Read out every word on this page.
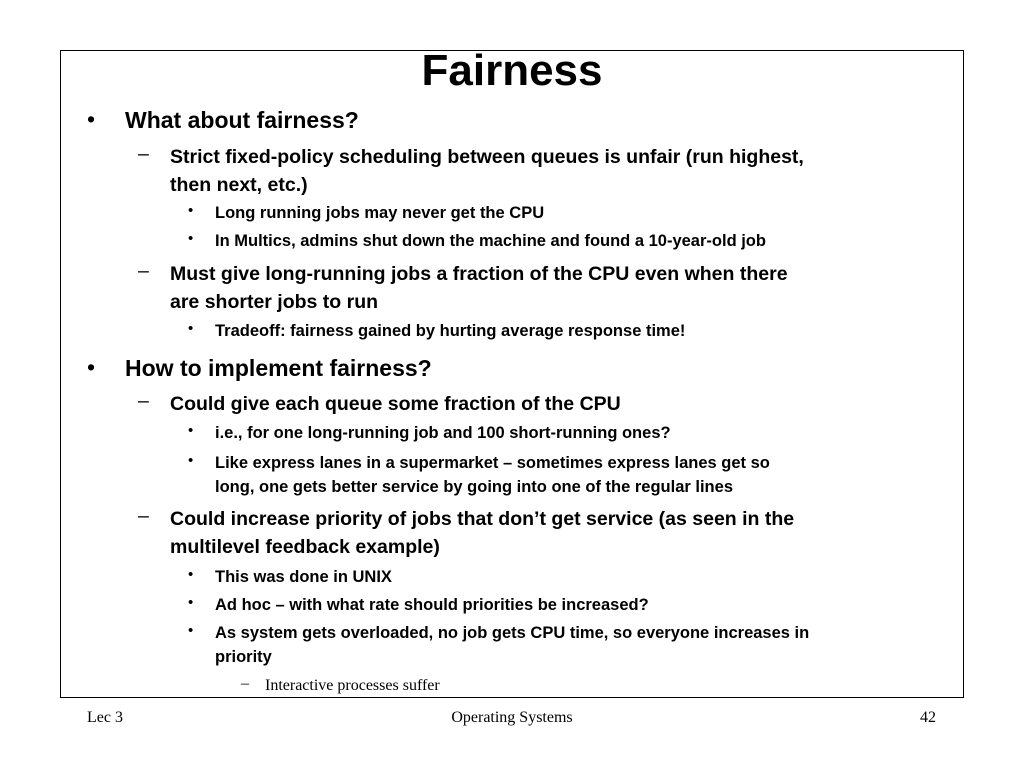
Fairness
• What about fairness?
– Strict fixed-policy scheduling between queues is unfair (run highest,
then next, etc.)
• Long running jobs may never get the CPU
• In Multics, admins shut down the machine and found a 10-year-old job
– Must give long-running jobs a fraction of the CPU even when there
are shorter jobs to run
• Tradeoff: fairness gained by hurting average response time!
• How to implement fairness?
– Could give each queue some fraction of the CPU
• i.e., for one long-running job and 100 short-running ones?
• Like express lanes in a supermarket – sometimes express lanes get so
long, one gets better service by going into one of the regular lines
– Could increase priority of jobs that don’t get service (as seen in the
multilevel feedback example)
• This was done in UNIX
• Ad hoc – with what rate should priorities be increased?
• As system gets overloaded, no job gets CPU time, so everyone increases in
priority
– Interactive processes suffer
Lec 3	Operating Systems	42
